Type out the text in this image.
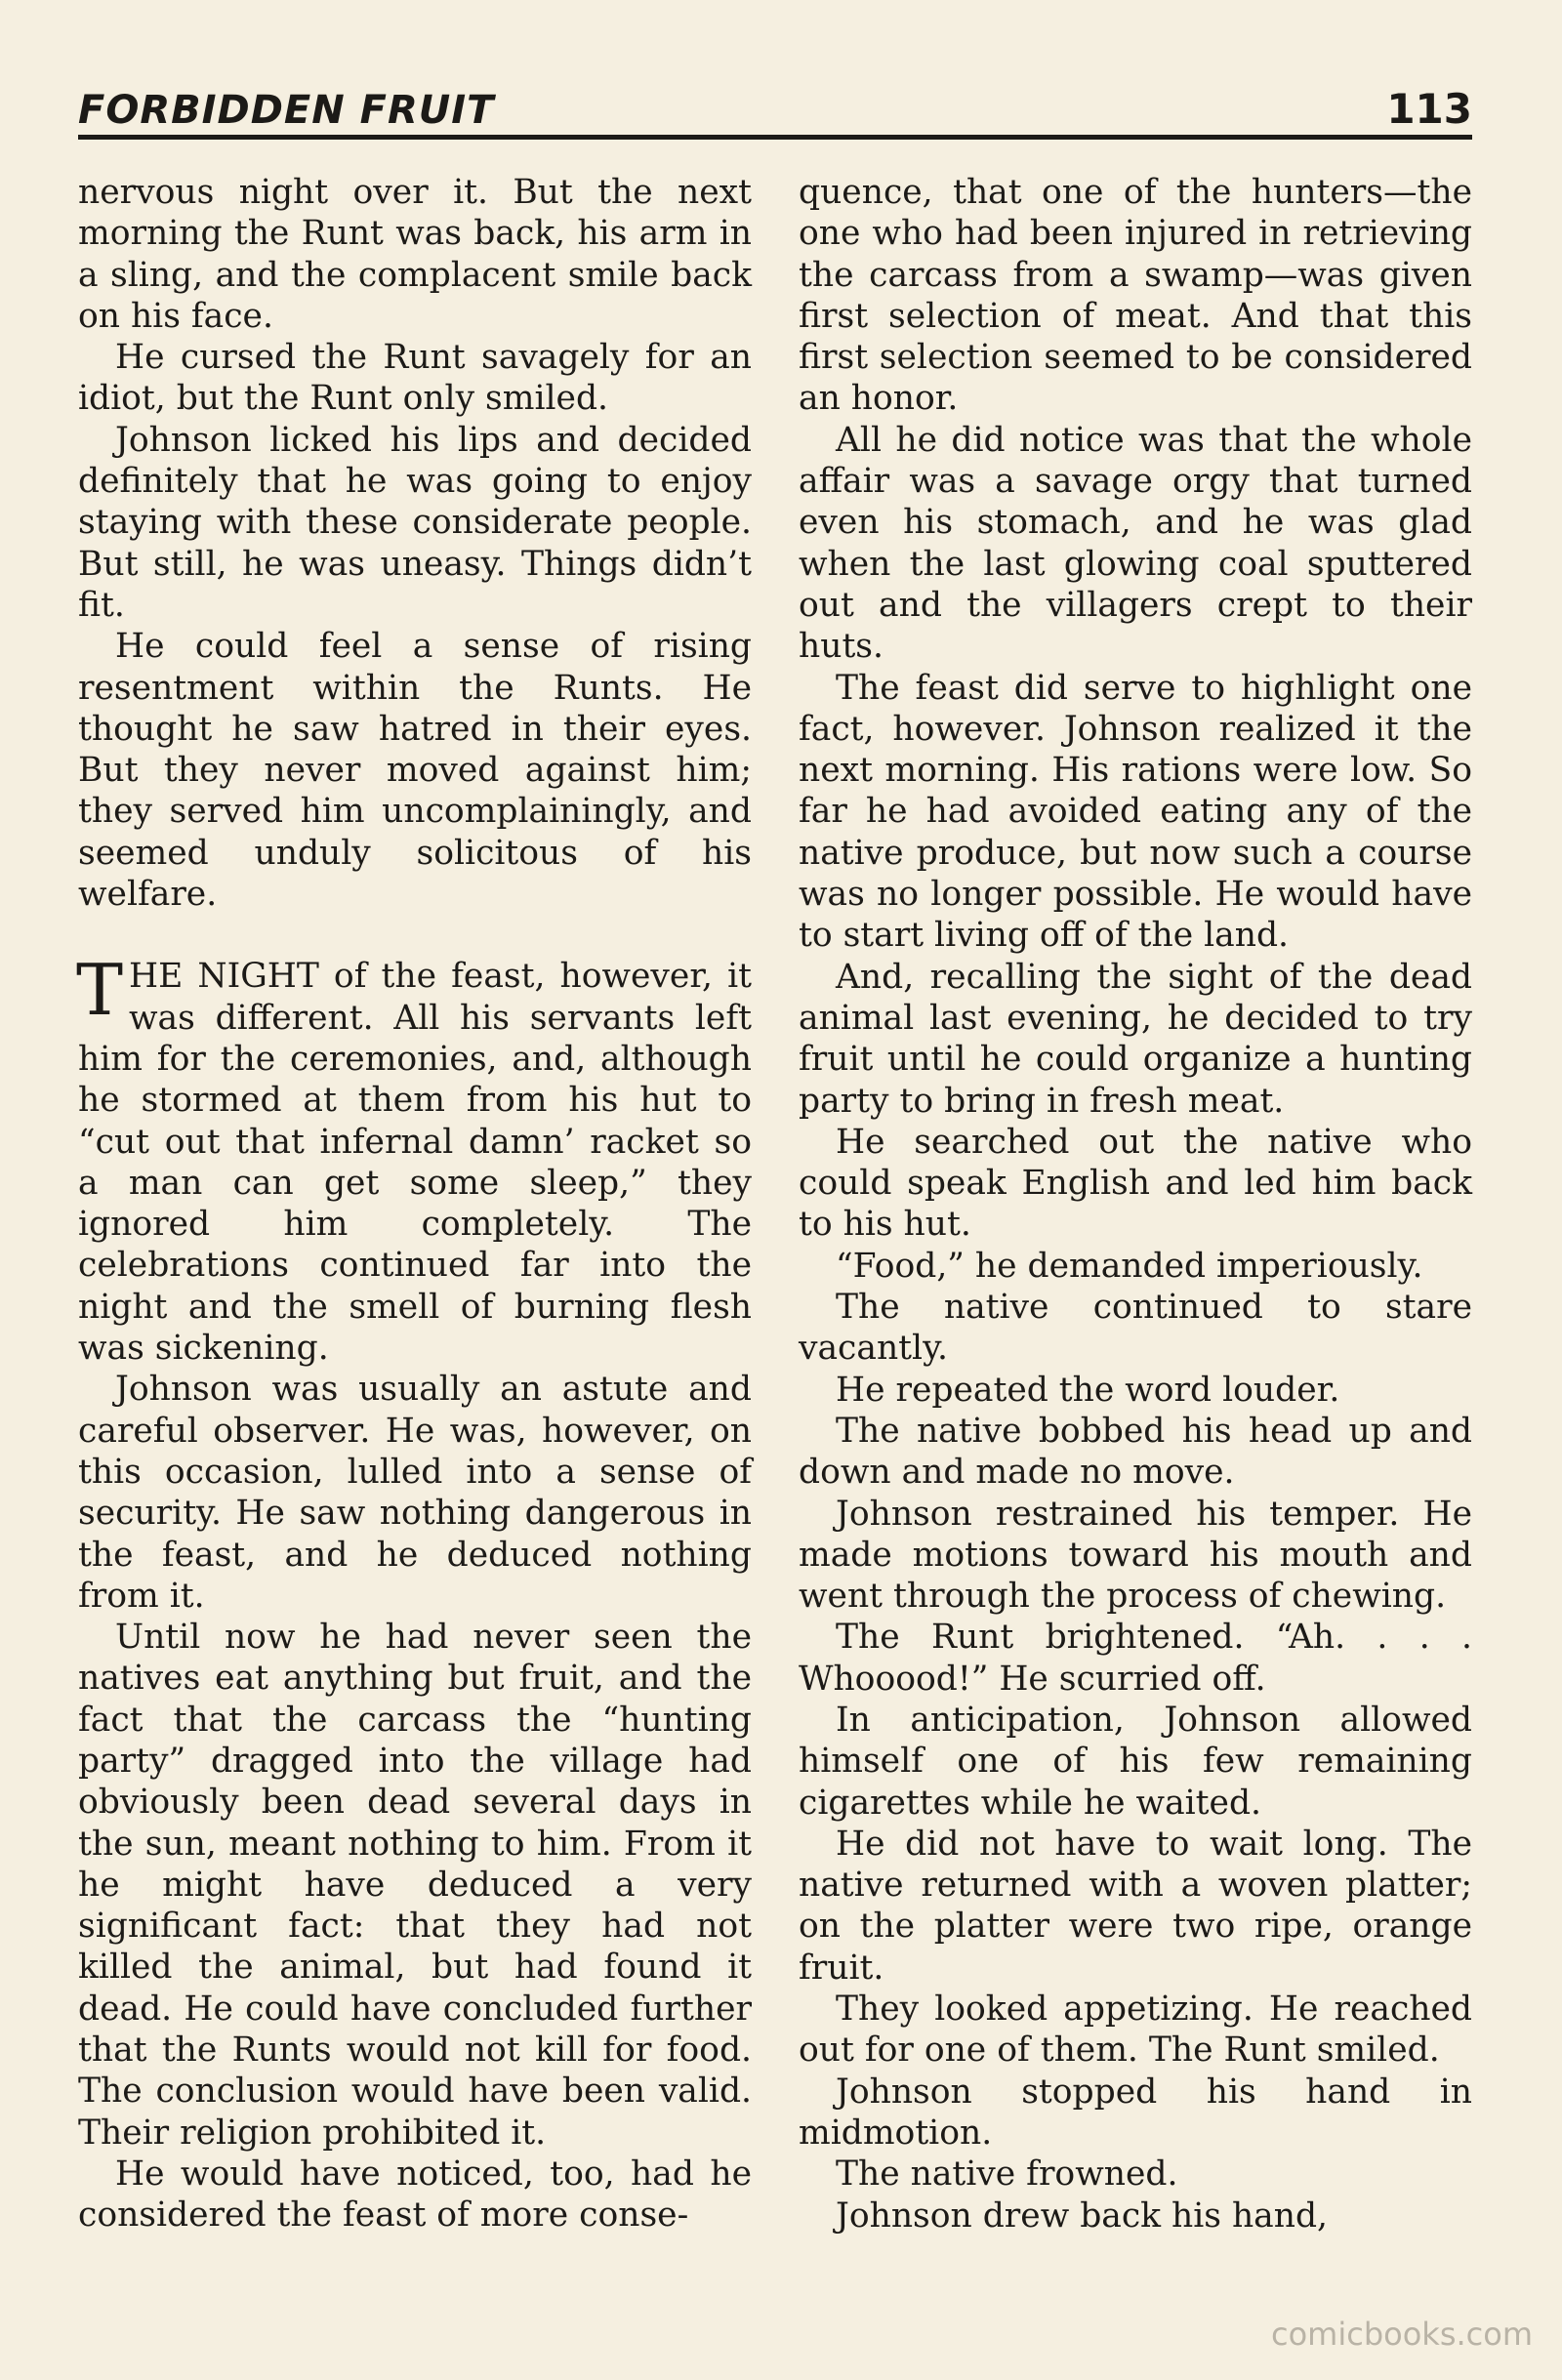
FORBIDDEN FRUIT	113

nervous night over it. But the next morning the Runt was back, his arm in a sling, and the complacent smile back on his face.

He cursed the Runt savagely for an idiot, but the Runt only smiled.

Johnson licked his lips and decided definitely that he was going to enjoy staying with these considerate people. But still, he was uneasy. Things didn’t fit.

He could feel a sense of rising resentment within the Runts. He thought he saw hatred in their eyes. But they never moved against him; they served him uncomplainingly, and seemed unduly solicitous of his welfare.

THE NIGHT of the feast, however, it was different. All his servants left him for the ceremonies, and, although he stormed at them from his hut to “cut out that infernal damn’ racket so a man can get some sleep,” they ignored him completely. The celebrations continued far into the night and the smell of burning flesh was sickening.

Johnson was usually an astute and careful observer. He was, however, on this occasion, lulled into a sense of security. He saw nothing dangerous in the feast, and he deduced nothing from it.

Until now he had never seen the natives eat anything but fruit, and the fact that the carcass the “hunting party” dragged into the village had obviously been dead several days in the sun, meant nothing to him. From it he might have deduced a very significant fact: that they had not killed the animal, but had found it dead. He could have concluded further that the Runts would not kill for food. The conclusion would have been valid. Their religion prohibited it.

He would have noticed, too, had he considered the feast of more conse-

quence, that one of the hunters—the one who had been injured in retrieving the carcass from a swamp—was given first selection of meat. And that this first selection seemed to be considered an honor.

All he did notice was that the whole affair was a savage orgy that turned even his stomach, and he was glad when the last glowing coal sputtered out and the villagers crept to their huts.

The feast did serve to highlight one fact, however. Johnson realized it the next morning. His rations were low. So far he had avoided eating any of the native produce, but now such a course was no longer possible. He would have to start living off of the land.

And, recalling the sight of the dead animal last evening, he decided to try fruit until he could organize a hunting party to bring in fresh meat.

He searched out the native who could speak English and led him back to his hut.

“Food,” he demanded imperiously.

The native continued to stare vacantly.

He repeated the word louder.

The native bobbed his head up and down and made no move.

Johnson restrained his temper. He made motions toward his mouth and went through the process of chewing.

The Runt brightened. “Ah. . . . Whooood!” He scurried off.

In anticipation, Johnson allowed himself one of his few remaining cigarettes while he waited.

He did not have to wait long. The native returned with a woven platter; on the platter were two ripe, orange fruit.

They looked appetizing. He reached out for one of them. The Runt smiled.

Johnson stopped his hand in midmotion.

The native frowned.

Johnson drew back his hand,

comicbooks.com
